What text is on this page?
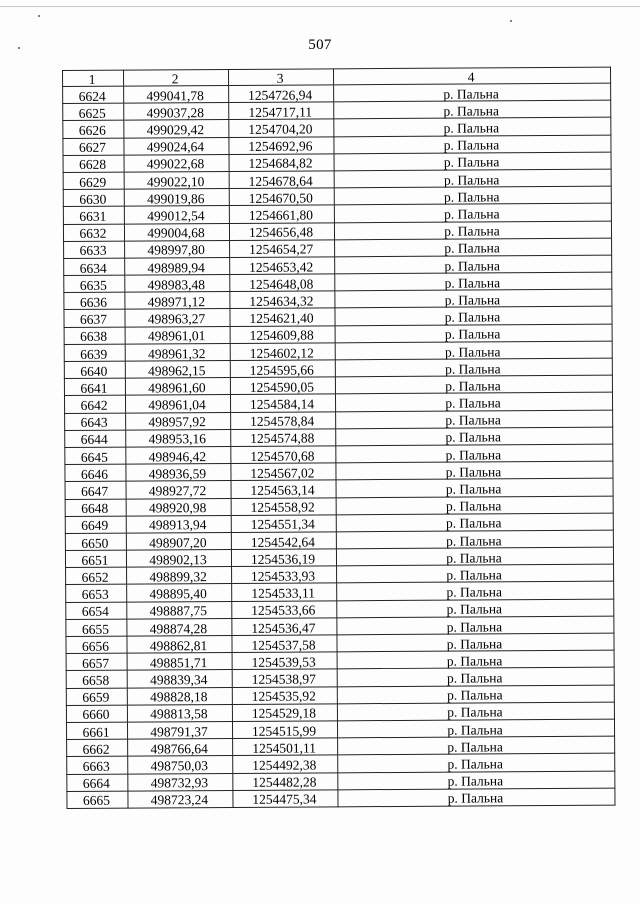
507
1	2	3	4
6624	499041,78	1254726,94	р. Пальна
6625	499037,28	1254717,11	р. Пальна
6626	499029,42	1254704,20	р. Пальна
6627	499024,64	1254692,96	р. Пальна
6628	499022,68	1254684,82	р. Пальна
6629	499022,10	1254678,64	р. Пальна
6630	499019,86	1254670,50	р. Пальна
6631	499012,54	1254661,80	р. Пальна
6632	499004,68	1254656,48	р. Пальна
6633	498997,80	1254654,27	р. Пальна
6634	498989,94	1254653,42	р. Пальна
6635	498983,48	1254648,08	р. Пальна
6636	498971,12	1254634,32	р. Пальна
6637	498963,27	1254621,40	р. Пальна
6638	498961,01	1254609,88	р. Пальна
6639	498961,32	1254602,12	р. Пальна
6640	498962,15	1254595,66	р. Пальна
6641	498961,60	1254590,05	р. Пальна
6642	498961,04	1254584,14	р. Пальна
6643	498957,92	1254578,84	р. Пальна
6644	498953,16	1254574,88	р. Пальна
6645	498946,42	1254570,68	р. Пальна
6646	498936,59	1254567,02	р. Пальна
6647	498927,72	1254563,14	р. Пальна
6648	498920,98	1254558,92	р. Пальна
6649	498913,94	1254551,34	р. Пальна
6650	498907,20	1254542,64	р. Пальна
6651	498902,13	1254536,19	р. Пальна
6652	498899,32	1254533,93	р. Пальна
6653	498895,40	1254533,11	р. Пальна
6654	498887,75	1254533,66	р. Пальна
6655	498874,28	1254536,47	р. Пальна
6656	498862,81	1254537,58	р. Пальна
6657	498851,71	1254539,53	р. Пальна
6658	498839,34	1254538,97	р. Пальна
6659	498828,18	1254535,92	р. Пальна
6660	498813,58	1254529,18	р. Пальна
6661	498791,37	1254515,99	р. Пальна
6662	498766,64	1254501,11	р. Пальна
6663	498750,03	1254492,38	р. Пальна
6664	498732,93	1254482,28	р. Пальна
6665	498723,24	1254475,34	р. Пальна
